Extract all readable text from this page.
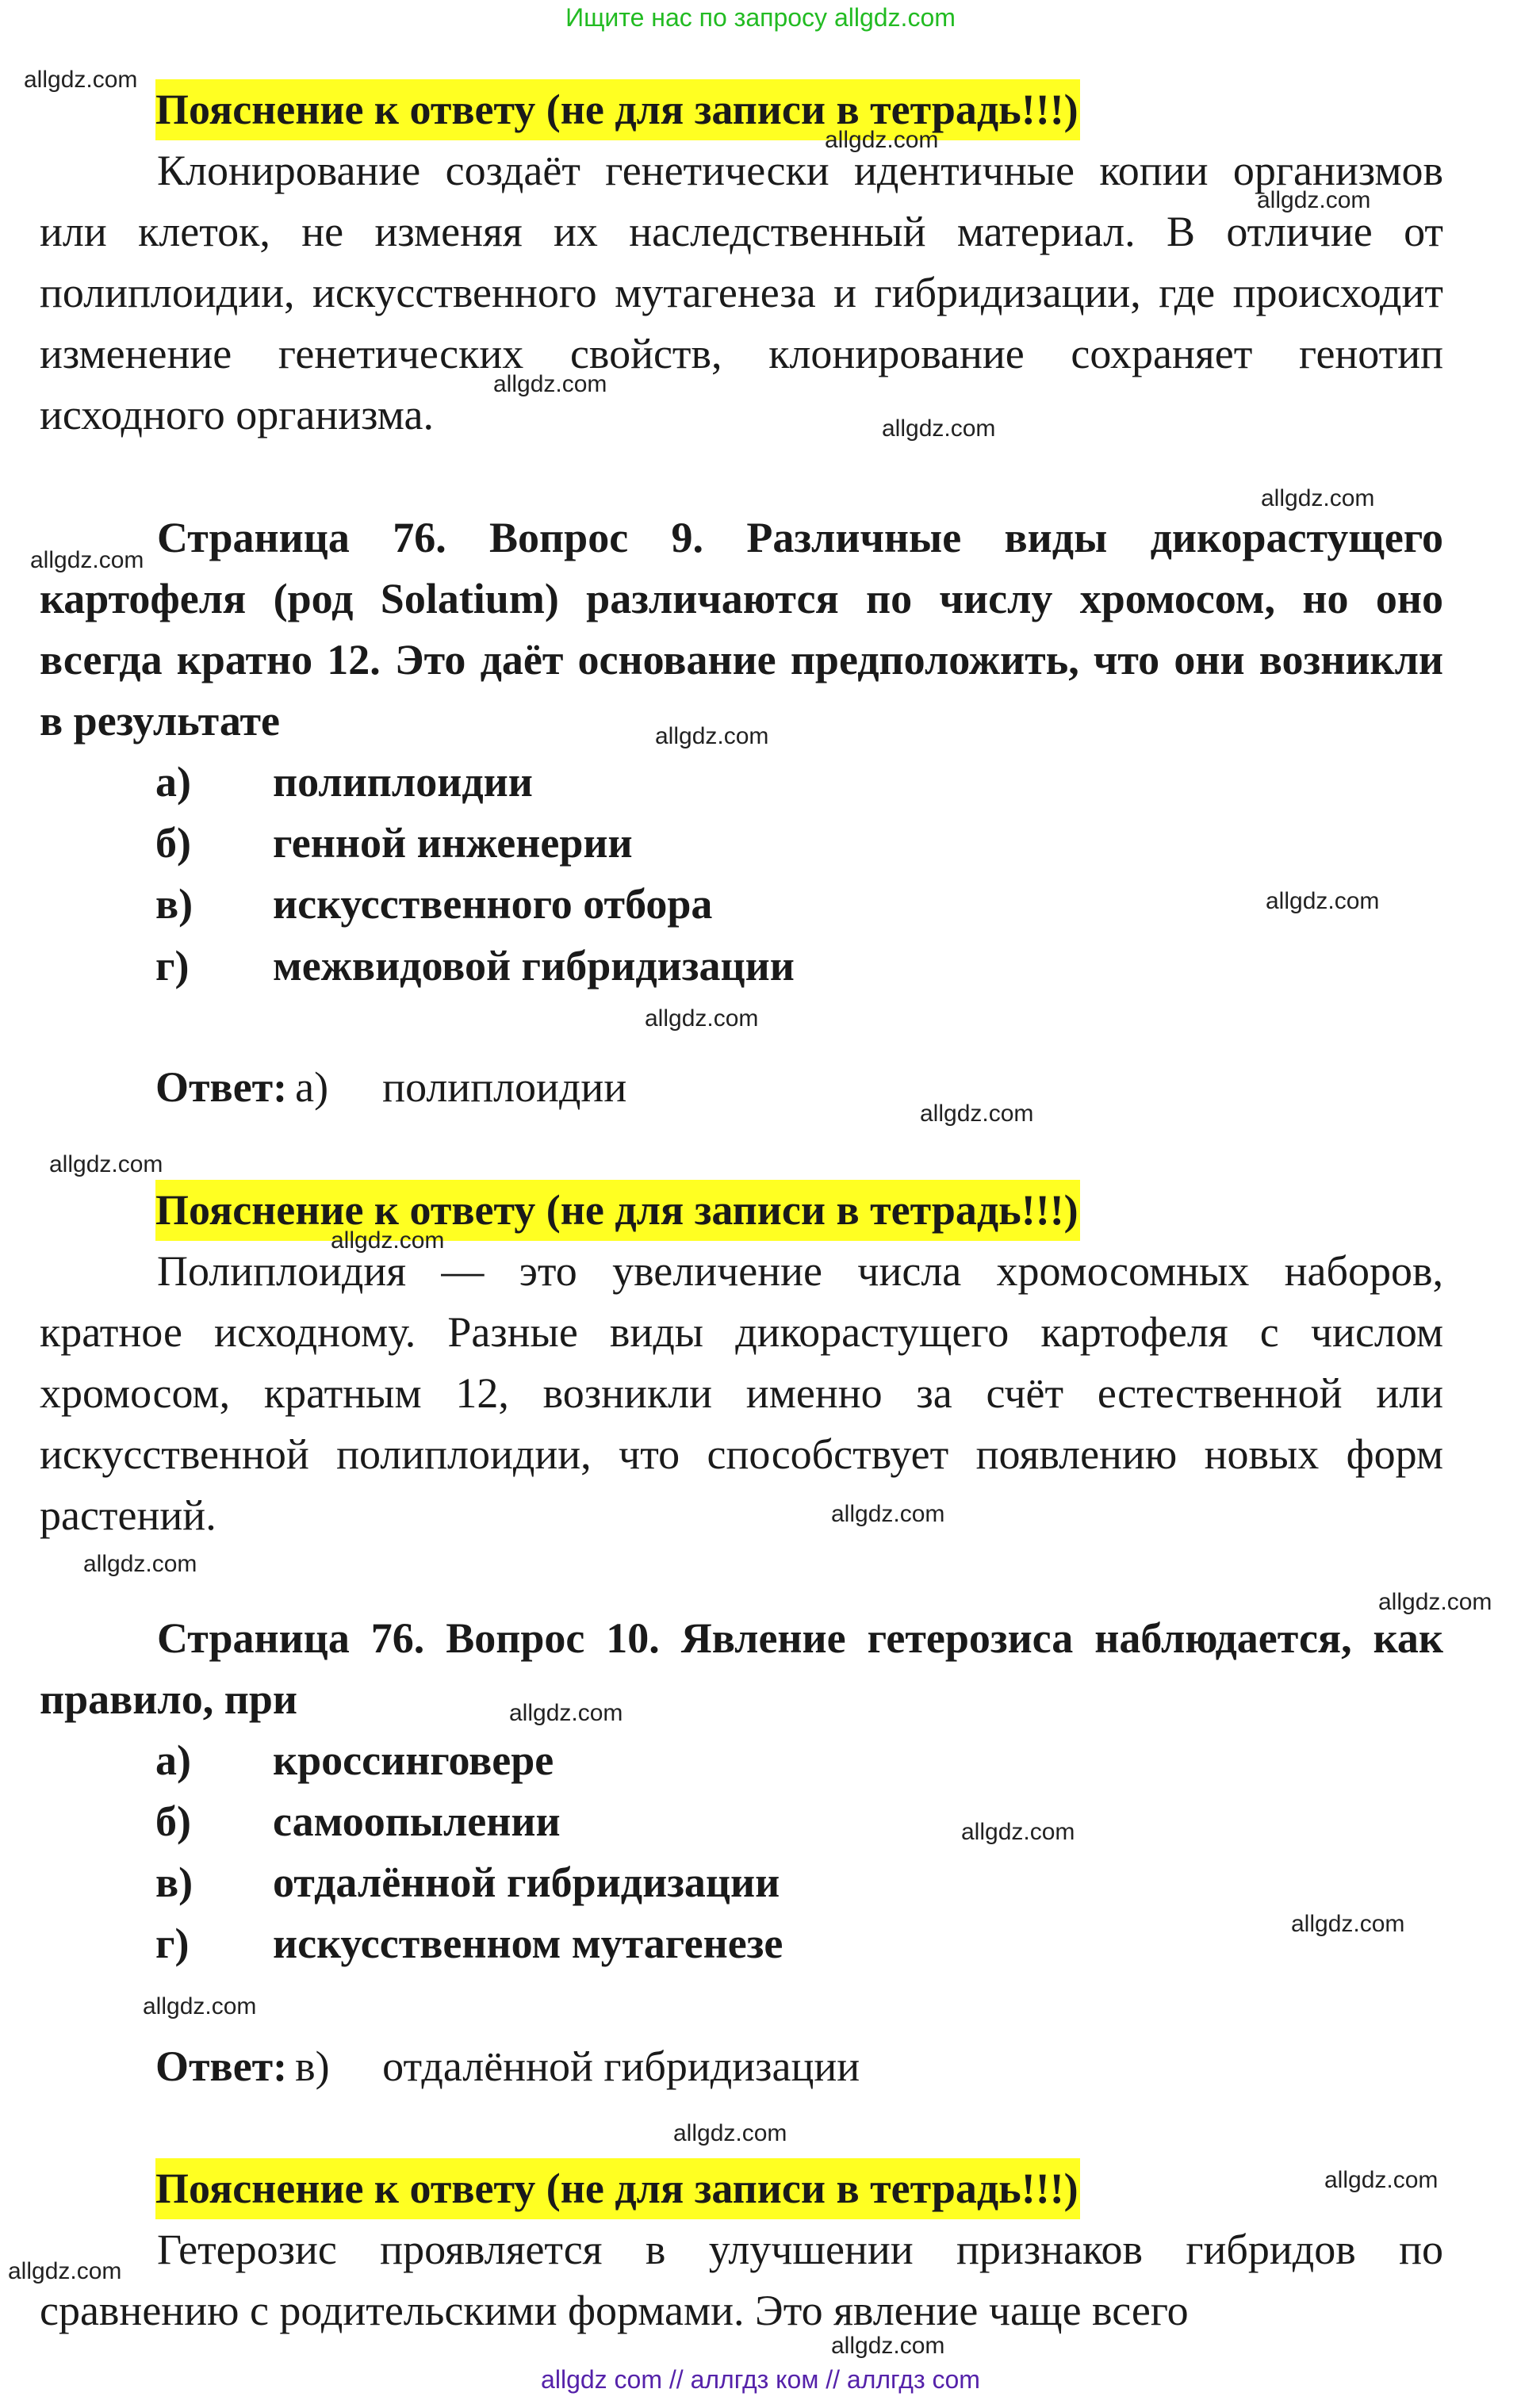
Ищите нас по запросу allgdz.com
Пояснение к ответу (не для записи в тетрадь!!!)
Клонирование создаёт генетически идентичные копии организмов или клеток, не изменяя их наследственный материал. В отличие от полиплоидии, искусственного мутагенеза и гибридизации, где происходит изменение генетических свойств, клонирование сохраняет генотип исходного организма.
Страница 76. Вопрос 9. Различные виды дикорастущего картофеля (род Solatium) различаются по числу хромосом, но оно всегда кратно 12. Это даёт основание предположить, что они возникли в результате
а) полиплоидии
б) генной инженерии
в) искусственного отбора
г) межвидовой гибридизации
Ответ: а) полиплоидии
Пояснение к ответу (не для записи в тетрадь!!!)
Полиплоидия — это увеличение числа хромосомных наборов, кратное исходному. Разные виды дикорастущего картофеля с числом хромосом, кратным 12, возникли именно за счёт естественной или искусственной полиплоидии, что способствует появлению новых форм растений.
Страница 76. Вопрос 10. Явление гетерозиса наблюдается, как правило, при
а) кроссинговере
б) самоопылении
в) отдалённой гибридизации
г) искусственном мутагенезе
Ответ: в) отдалённой гибридизации
Пояснение к ответу (не для записи в тетрадь!!!)
Гетерозис проявляется в улучшении признаков гибридов по сравнению с родительскими формами. Это явление чаще всего
allgdz.com
allgdz.com
allgdz.com
allgdz.com
allgdz.com
allgdz.com
allgdz.com
allgdz.com
allgdz.com
allgdz.com
allgdz.com
allgdz.com
allgdz.com
allgdz.com
allgdz.com
allgdz.com
allgdz.com
allgdz.com
allgdz.com
allgdz.com
allgdz.com
allgdz.com
allgdz.com
allgdz.com
allgdz com // аллгдз ком // аллгдз com
